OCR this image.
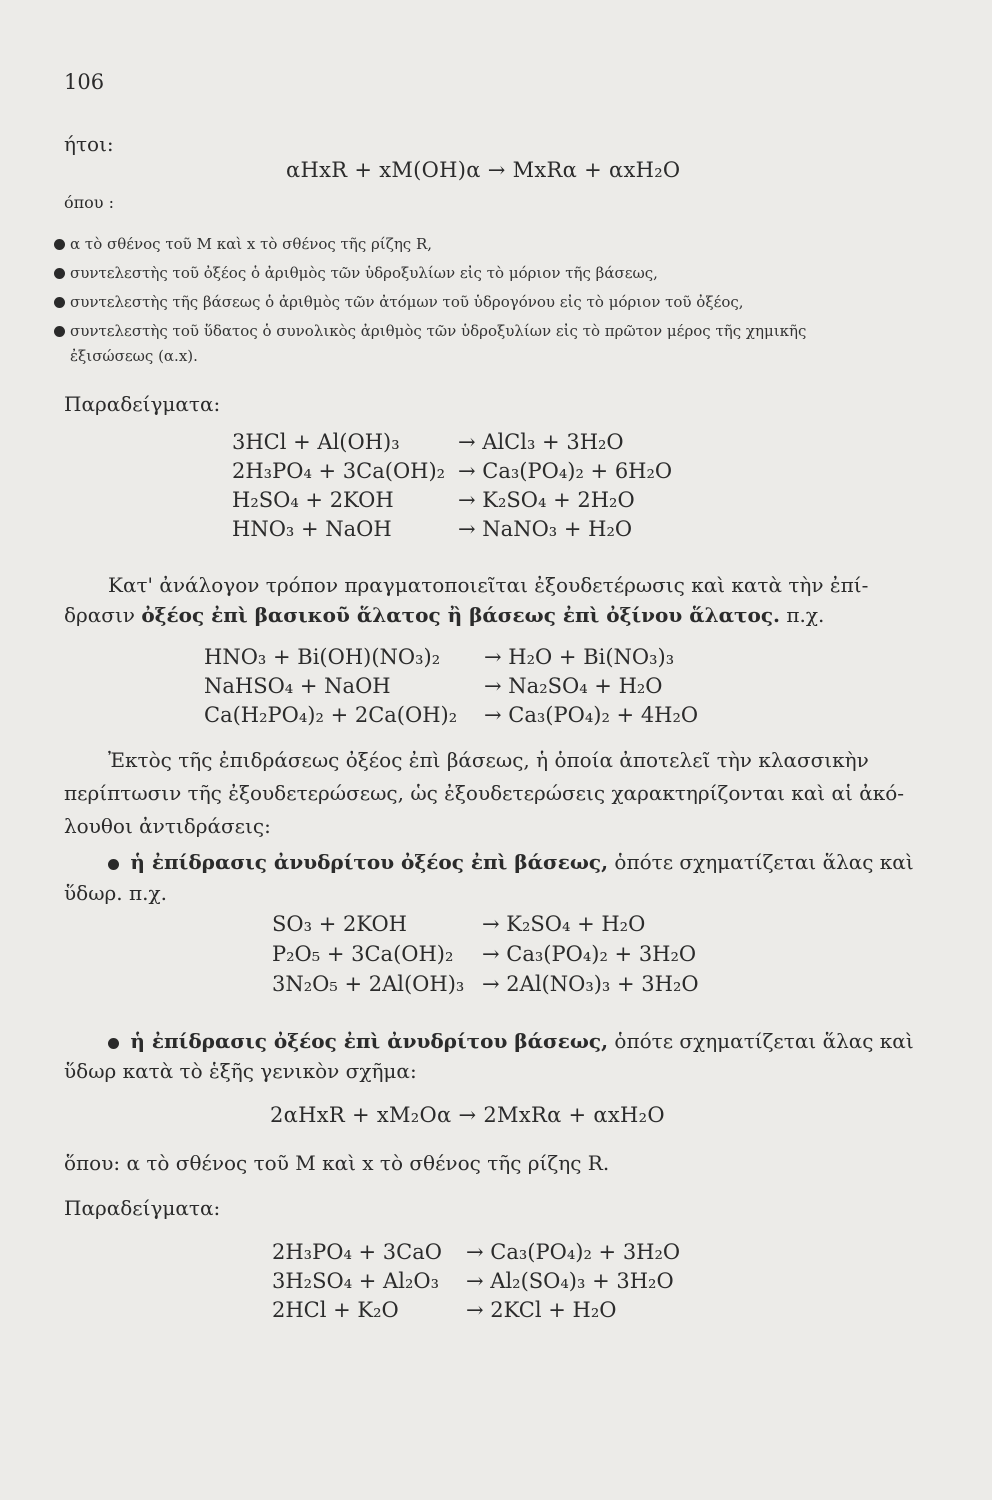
106
ήτοι:
αHxR + xM(OH)α → MxRα + αxH₂O
όπου :
α τὸ σθένος τοῦ M καὶ x τὸ σθένος τῆς ρίζης R,
συντελεστὴς τοῦ ὀξέος ὁ ἀριθμὸς τῶν ὑδροξυλίων εἰς τὸ μόριον τῆς βάσεως,
συντελεστὴς τῆς βάσεως ὁ ἀριθμὸς τῶν ἀτόμων τοῦ ὑδρογόνου εἰς τὸ μόριον τοῦ ὀξέος,
συντελεστὴς τοῦ ὕδατος ὁ συνολικὸς ἀριθμὸς τῶν ὑδροξυλίων εἰς τὸ πρῶτον μέρος τῆς χημικῆς
ἐξισώσεως (α.x).
Παραδείγματα:
3HCl + Al(OH)₃	→ AlCl₃ + 3H₂O
2H₃PO₄ + 3Ca(OH)₂ → Ca₃(PO₄)₂ + 6H₂O
H₂SO₄ + 2KOH	→ K₂SO₄ + 2H₂O
HNO₃ + NaOH	→ NaNO₃ + H₂O
Κατ' ἀνάλογον τρόπον πραγματοποιεῖται ἐξουδετέρωσις καὶ κατὰ τὴν ἐπί-
δρασιν ὀξέος ἐπὶ βασικοῦ ἅλατος ἢ βάσεως ἐπὶ ὀξίνου ἅλατος. π.χ.
HNO₃ + Bi(OH)(NO₃)₂ → H₂O + Bi(NO₃)₃
NaHSO₄ + NaOH	→ Na₂SO₄ + H₂O
Ca(H₂PO₄)₂ + 2Ca(OH)₂ → Ca₃(PO₄)₂ + 4H₂O
Ἐκτὸς τῆς ἐπιδράσεως ὀξέος ἐπὶ βάσεως, ἡ ὁποία ἀποτελεῖ τὴν κλασσικὴν
περίπτωσιν τῆς ἐξουδετερώσεως, ὡς ἐξουδετερώσεις χαρακτηρίζονται καὶ αἱ ἀκό-
λουθοι ἀντιδράσεις:
ἡ ἐπίδρασις ἀνυδρίτου ὀξέος ἐπὶ βάσεως, ὁπότε σχηματίζεται ἅλας καὶ
ὕδωρ. π.χ.
SO₃ + 2KOH	→ K₂SO₄ + H₂O
P₂O₅ + 3Ca(OH)₂ → Ca₃(PO₄)₂ + 3H₂O
3N₂O₅ + 2Al(OH)₃ → 2Al(NO₃)₃ + 3H₂O
ἡ ἐπίδρασις ὀξέος ἐπὶ ἀνυδρίτου βάσεως, ὁπότε σχηματίζεται ἅλας καὶ
ὕδωρ κατὰ τὸ ἑξῆς γενικὸν σχῆμα:
2αHxR + xM₂Oα → 2MxRα + αxH₂O
ὅπου: α τὸ σθένος τοῦ M καὶ x τὸ σθένος τῆς ρίζης R.
Παραδείγματα:
2H₃PO₄ + 3CaO → Ca₃(PO₄)₂ + 3H₂O
3H₂SO₄ + Al₂O₃ → Al₂(SO₄)₃ + 3H₂O
2HCl + K₂O	→ 2KCl + H₂O
